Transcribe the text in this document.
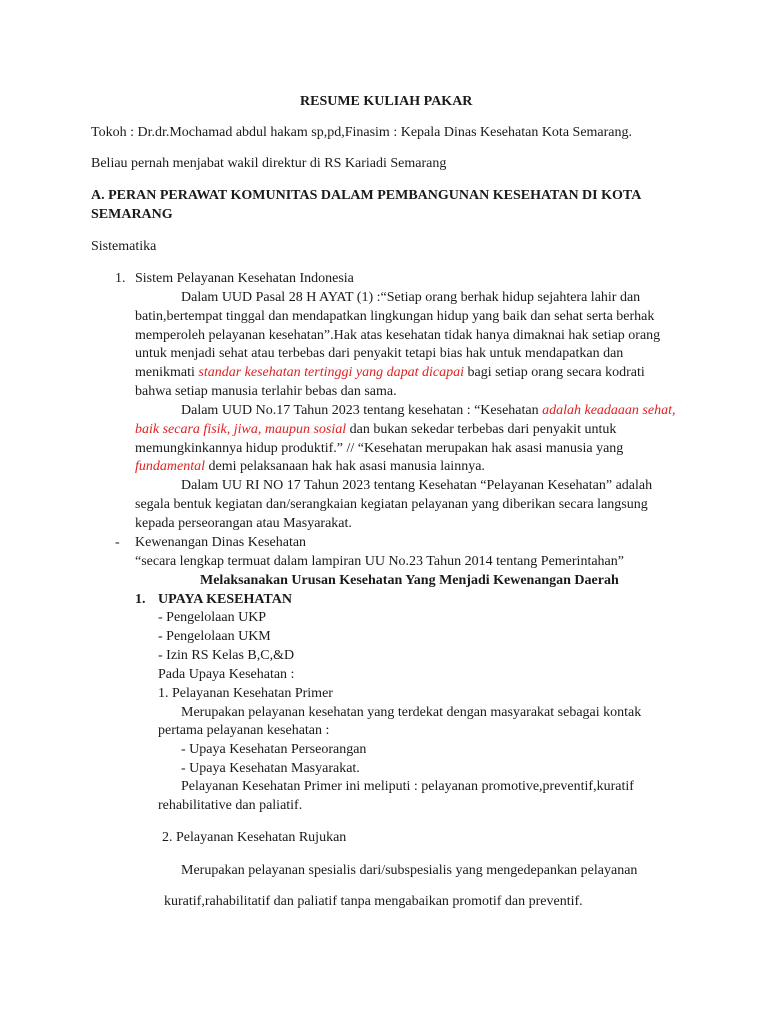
RESUME KULIAH PAKAR
Tokoh : Dr.dr.Mochamad abdul hakam sp,pd,Finasim : Kepala Dinas Kesehatan Kota Semarang.
Beliau pernah menjabat wakil direktur di RS Kariadi Semarang
A. PERAN PERAWAT KOMUNITAS DALAM PEMBANGUNAN KESEHATAN DI KOTA
SEMARANG
Sistematika
1. Sistem Pelayanan Kesehatan Indonesia
Dalam UUD Pasal 28 H AYAT (1) :“Setiap orang berhak hidup sejahtera lahir dan
batin,bertempat tinggal dan mendapatkan lingkungan hidup yang baik dan sehat serta berhak
memperoleh pelayanan kesehatan”.Hak atas kesehatan tidak hanya dimaknai hak setiap orang
untuk menjadi sehat atau terbebas dari penyakit tetapi bias hak untuk mendapatkan dan
menikmati standar kesehatan tertinggi yang dapat dicapai bagi setiap orang secara kodrati
bahwa setiap manusia terlahir bebas dan sama.
Dalam UUD No.17 Tahun 2023 tentang kesehatan : “Kesehatan adalah keadaaan sehat,
baik secara fisik, jiwa, maupun sosial dan bukan sekedar terbebas dari penyakit untuk
memungkinkannya hidup produktif.” // “Kesehatan merupakan hak asasi manusia yang
fundamental demi pelaksanaan hak hak asasi manusia lainnya.
Dalam UU RI NO 17 Tahun 2023 tentang Kesehatan “Pelayanan Kesehatan” adalah
segala bentuk kegiatan dan/serangkaian kegiatan pelayanan yang diberikan secara langsung
kepada perseorangan atau Masyarakat.
- Kewenangan Dinas Kesehatan
“secara lengkap termuat dalam lampiran UU No.23 Tahun 2014 tentang Pemerintahan”
Melaksanakan Urusan Kesehatan Yang Menjadi Kewenangan Daerah
1. UPAYA KESEHATAN
- Pengelolaan UKP
- Pengelolaan UKM
- Izin RS Kelas B,C,&D
Pada Upaya Kesehatan :
1. Pelayanan Kesehatan Primer
Merupakan pelayanan kesehatan yang terdekat dengan masyarakat sebagai kontak
pertama pelayanan kesehatan :
- Upaya Kesehatan Perseorangan
- Upaya Kesehatan Masyarakat.
Pelayanan Kesehatan Primer ini meliputi : pelayanan promotive,preventif,kuratif
rehabilitative dan paliatif.
2. Pelayanan Kesehatan Rujukan
Merupakan pelayanan spesialis dari/subspesialis yang mengedepankan pelayanan
kuratif,rahabilitatif dan paliatif tanpa mengabaikan promotif dan preventif.
